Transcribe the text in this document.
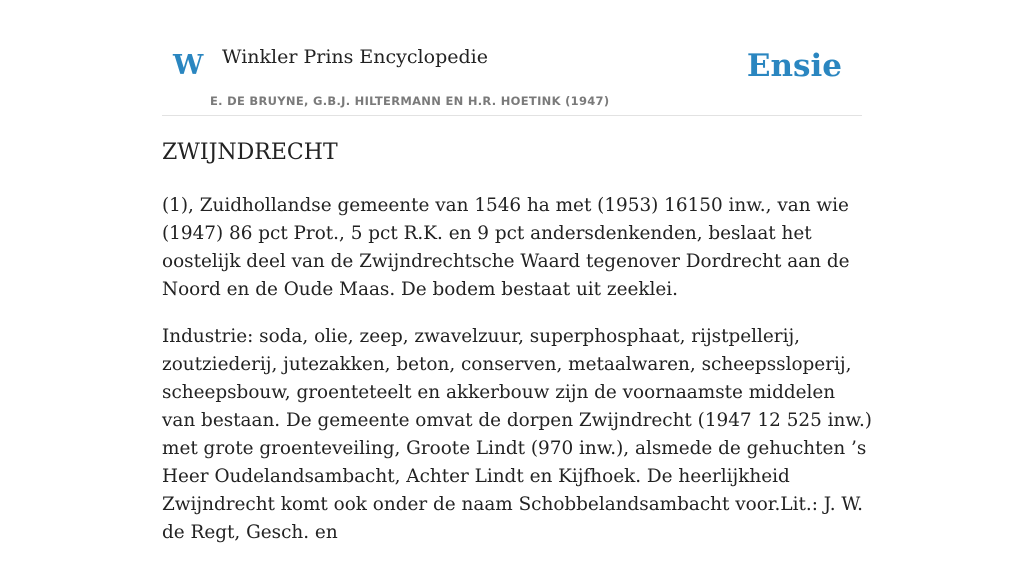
W Winkler Prins Encyclopedie
E. DE BRUYNE, G.B.J. HILTERMANN EN H.R. HOETINK (1947)
Ensie
ZWIJNDRECHT

(1), Zuidhollandse gemeente van 1546 ha met (1953) 16150 inw., van wie (1947) 86 pct Prot., 5 pct R.K. en 9 pct andersdenkenden, beslaat het oostelijk deel van de Zwijndrechtsche Waard tegenover Dordrecht aan de Noord en de Oude Maas. De bodem bestaat uit zeeklei.

Industrie: soda, olie, zeep, zwavelzuur, superphosphaat, rijstpellerij, zoutziederij, jutezakken, beton, conserven, metaalwaren, scheepssloperij, scheepsbouw, groenteteelt en akkerbouw zijn de voornaamste middelen van bestaan. De gemeente omvat de dorpen Zwijndrecht (1947 12 525 inw.) met grote groenteveiling, Groote Lindt (970 inw.), alsmede de gehuchten ’s Heer Oudelandsambacht, Achter Lindt en Kijfhoek. De heerlijkheid Zwijndrecht komt ook onder de naam Schobbelandsambacht voor.Lit.: J. W. de Regt, Gesch. en
